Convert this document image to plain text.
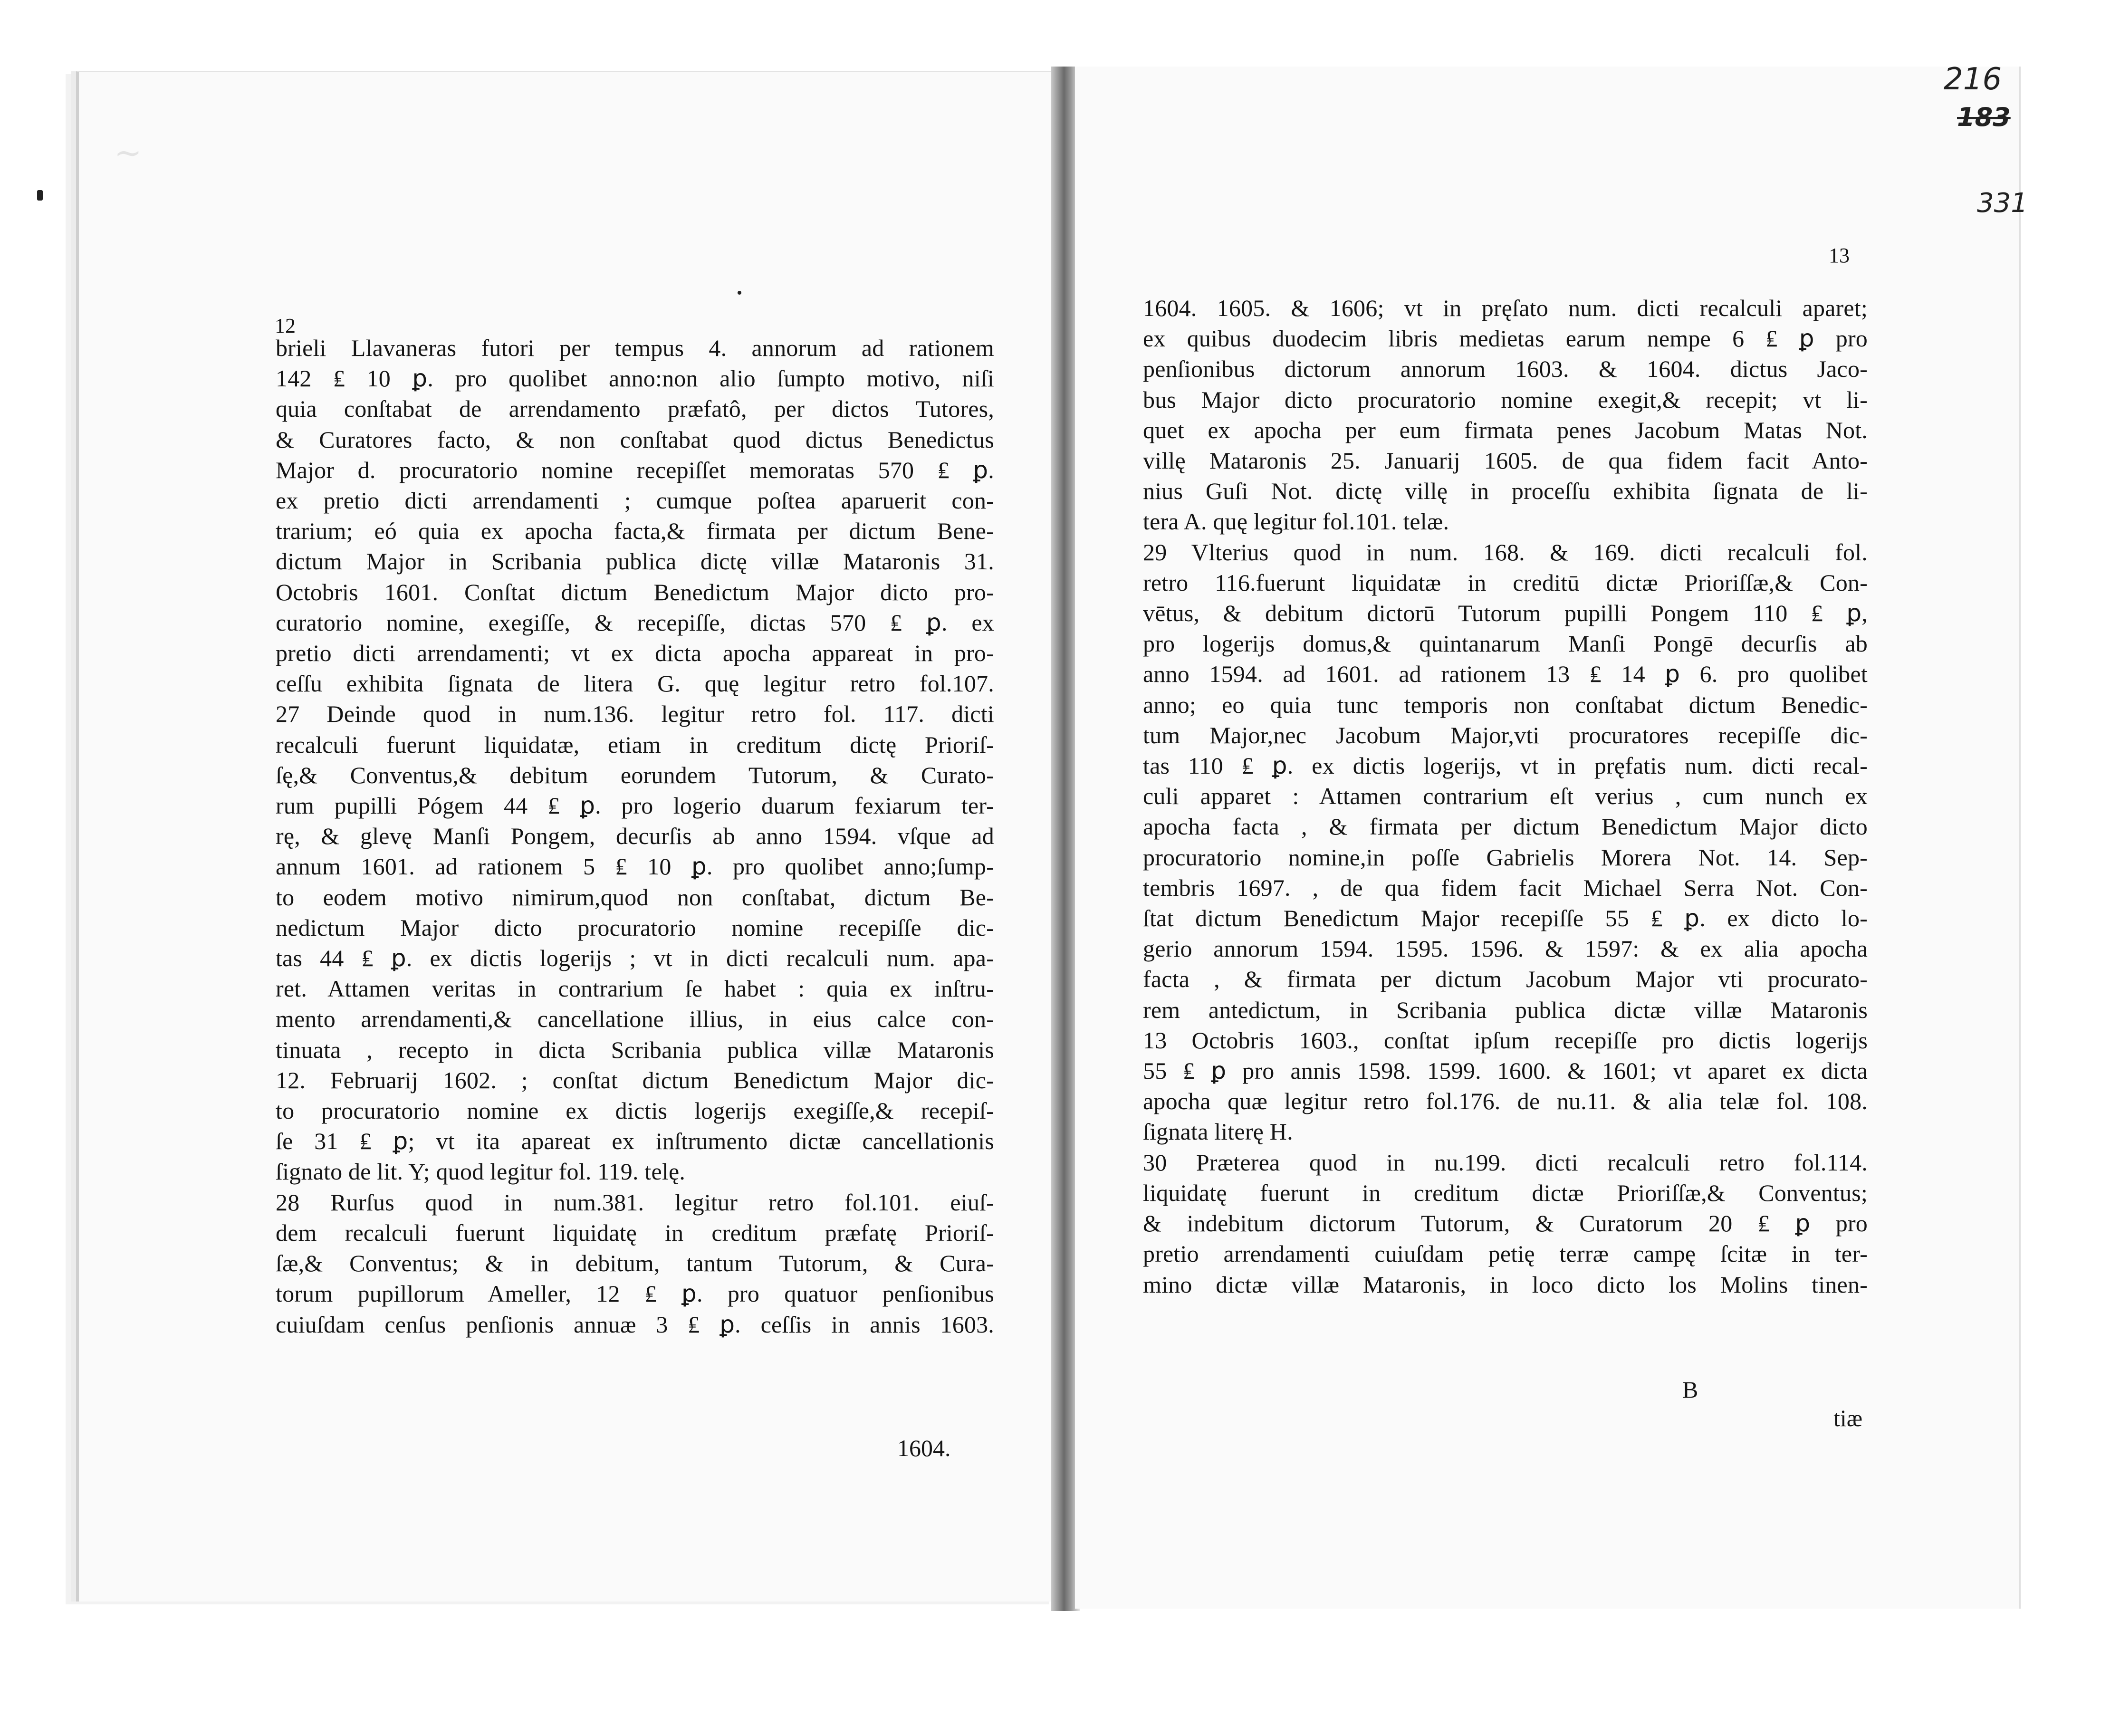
~
12
brieli Llavaneras futori per tempus 4. annorum ad rationem
142 ₤ 10 ꝑ. pro quolibet anno:non alio ſumpto motivo, niſi
quia conſtabat de arrendamento præfatô, per dictos Tutores,
& Curatores facto, & non conſtabat quod dictus Benedictus
Major d. procuratorio nomine recepiſſet memoratas 570 ₤ ꝑ.
ex pretio dicti arrendamenti ; cumque poſtea aparuerit con-
trarium; eó quia ex apocha facta,& firmata per dictum Bene-
dictum Major in Scribania publica dictę villæ Mataronis 31.
Octobris 1601. Conſtat dictum Benedictum Major dicto pro-
curatorio nomine, exegiſſe, & recepiſſe, dictas 570 ₤ ꝑ. ex
pretio dicti arrendamenti; vt ex dicta apocha appareat in pro-
ceſſu exhibita ſignata de litera G. quę legitur retro fol.107.
27 Deinde quod in num.136. legitur retro fol. 117. dicti
recalculi fuerunt liquidatæ, etiam in creditum dictę Prioriſ-
ſę,& Conventus,& debitum eorundem Tutorum, & Curato-
rum pupilli Pógem 44 ₤ ꝑ. pro logerio duarum fexiarum ter-
rę, & glevę Manſi Pongem, decurſis ab anno 1594. vſque ad
annum 1601. ad rationem 5 ₤ 10 ꝑ. pro quolibet anno;ſump-
to eodem motivo nimirum,quod non conſtabat, dictum Be-
nedictum Major dicto procuratorio nomine recepiſſe dic-
tas 44 ₤ ꝑ. ex dictis logerijs ; vt in dicti recalculi num. apa-
ret. Attamen veritas in contrarium ſe habet : quia ex inſtru-
mento arrendamenti,& cancellatione illius, in eius calce con-
tinuata , recepto in dicta Scribania publica villæ Mataronis
12. Februarij 1602. ; conſtat dictum Benedictum Major dic-
to procuratorio nomine ex dictis logerijs exegiſſe,& recepiſ-
ſe 31 ₤ ꝑ; vt ita apareat ex inſtrumento dictæ cancellationis
ſignato de lit. Y; quod legitur fol. 119. telę.
28 Rurſus quod in num.381. legitur retro fol.101. eiuſ-
dem recalculi fuerunt liquidatę in creditum præfatę Prioriſ-
ſæ,& Conventus; & in debitum, tantum Tutorum, & Cura-
torum pupillorum Ameller, 12 ₤ ꝑ. pro quatuor penſionibus
cuiuſdam cenſus penſionis annuæ 3 ₤ ꝑ. ceſſis in annis 1603.
1604.
13
1604. 1605. & 1606; vt in pręſato num. dicti recalculi aparet;
ex quibus duodecim libris medietas earum nempe 6 ₤ ꝑ pro
penſionibus dictorum annorum 1603. & 1604. dictus Jaco-
bus Major dicto procuratorio nomine exegit,& recepit; vt li-
quet ex apocha per eum firmata penes Jacobum Matas Not.
villę Mataronis 25. Januarij 1605. de qua fidem facit Anto-
nius Guſi Not. dictę villę in proceſſu exhibita ſignata de li-
tera A. quę legitur fol.101. telæ.
29 Vlterius quod in num. 168. & 169. dicti recalculi fol.
retro 116.fuerunt liquidatæ in creditū dictæ Prioriſſæ,& Con-
vētus, & debitum dictorū Tutorum pupilli Pongem 110 ₤ ꝑ,
pro logerijs domus,& quintanarum Manſi Pongē decurſis ab
anno 1594. ad 1601. ad rationem 13 ₤ 14 ꝑ 6. pro quolibet
anno; eo quia tunc temporis non conſtabat dictum Benedic-
tum Major,nec Jacobum Major,vti procuratores recepiſſe dic-
tas 110 ₤ ꝑ. ex dictis logerijs, vt in pręfatis num. dicti recal-
culi apparet : Attamen contrarium eſt verius , cum nunch ex
apocha facta , & firmata per dictum Benedictum Major dicto
procuratorio nomine,in poſſe Gabrielis Morera Not. 14. Sep-
tembris 1697. , de qua fidem facit Michael Serra Not. Con-
ſtat dictum Benedictum Major recepiſſe 55 ₤ ꝑ. ex dicto lo-
gerio annorum 1594. 1595. 1596. & 1597: & ex alia apocha
facta , & firmata per dictum Jacobum Major vti procurato-
rem antedictum, in Scribania publica dictæ villæ Mataronis
13 Octobris 1603., conſtat ipſum recepiſſe pro dictis logerijs
55 ₤ ꝑ pro annis 1598. 1599. 1600. & 1601; vt aparet ex dicta
apocha quæ legitur retro fol.176. de nu.11. & alia telæ fol. 108.
ſignata literę H.
30 Præterea quod in nu.199. dicti recalculi retro fol.114.
liquidatę fuerunt in creditum dictæ Prioriſſæ,& Conventus;
& indebitum dictorum Tutorum, & Curatorum 20 ₤ ꝑ pro
pretio arrendamenti cuiuſdam petię terræ campę ſcitæ in ter-
mino dictæ villæ Mataronis, in loco dicto los Molins tinen-
B
tiæ
216
183
331
